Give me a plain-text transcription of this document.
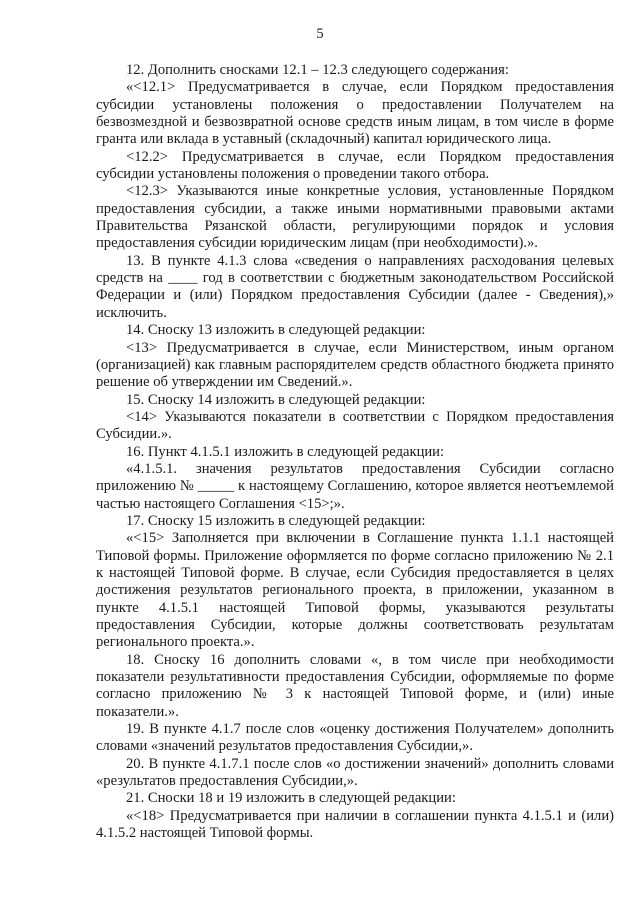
5

12. Дополнить сносками 12.1 – 12.3 следующего содержания:

«<12.1> Предусматривается в случае, если Порядком предоставления субсидии установлены положения о предоставлении Получателем на безвозмездной и безвозвратной основе средств иным лицам, в том числе в форме гранта или вклада в уставный (складочный) капитал юридического лица.

<12.2> Предусматривается в случае, если Порядком предоставления субсидии установлены положения о проведении такого отбора.

<12.3> Указываются иные конкретные условия, установленные Порядком предоставления субсидии, а также иными нормативными правовыми актами Правительства Рязанской области, регулирующими порядок и условия предоставления субсидии юридическим лицам (при необходимости).».

13. В пункте 4.1.3 слова «сведения о направлениях расходования целевых средств на ____ год в соответствии с бюджетным законодательством Российской Федерации и (или) Порядком предоставления Субсидии (далее - Сведения),» исключить.

14. Сноску 13 изложить в следующей редакции:

<13> Предусматривается в случае, если Министерством, иным органом (организацией) как главным распорядителем средств областного бюджета принято решение об утверждении им Сведений.».

15. Сноску 14 изложить в следующей редакции:

<14> Указываются показатели в соответствии с Порядком предоставления Субсидии.».

16. Пункт 4.1.5.1 изложить в следующей редакции:

«4.1.5.1. значения результатов предоставления Субсидии согласно приложению № _____ к настоящему Соглашению, которое является неотъемлемой частью настоящего Соглашения <15>;».

17. Сноску 15 изложить в следующей редакции:

«<15> Заполняется при включении в Соглашение пункта 1.1.1 настоящей Типовой формы. Приложение оформляется по форме согласно приложению № 2.1 к настоящей Типовой форме. В случае, если Субсидия предоставляется в целях достижения результатов регионального проекта, в приложении, указанном в пункте 4.1.5.1 настоящей Типовой формы, указываются результаты предоставления Субсидии, которые должны соответствовать результатам регионального проекта.».

18. Сноску 16 дополнить словами «, в том числе при необходимости показатели результативности предоставления Субсидии, оформляемые по форме согласно приложению № 3 к настоящей Типовой форме, и (или) иные показатели.».

19. В пункте 4.1.7 после слов «оценку достижения Получателем» дополнить словами «значений результатов предоставления Субсидии,».

20. В пункте 4.1.7.1 после слов «о достижении значений» дополнить словами «результатов предоставления Субсидии,».

21. Сноски 18 и 19 изложить в следующей редакции:

«<18> Предусматривается при наличии в соглашении пункта 4.1.5.1 и (или) 4.1.5.2 настоящей Типовой формы.
